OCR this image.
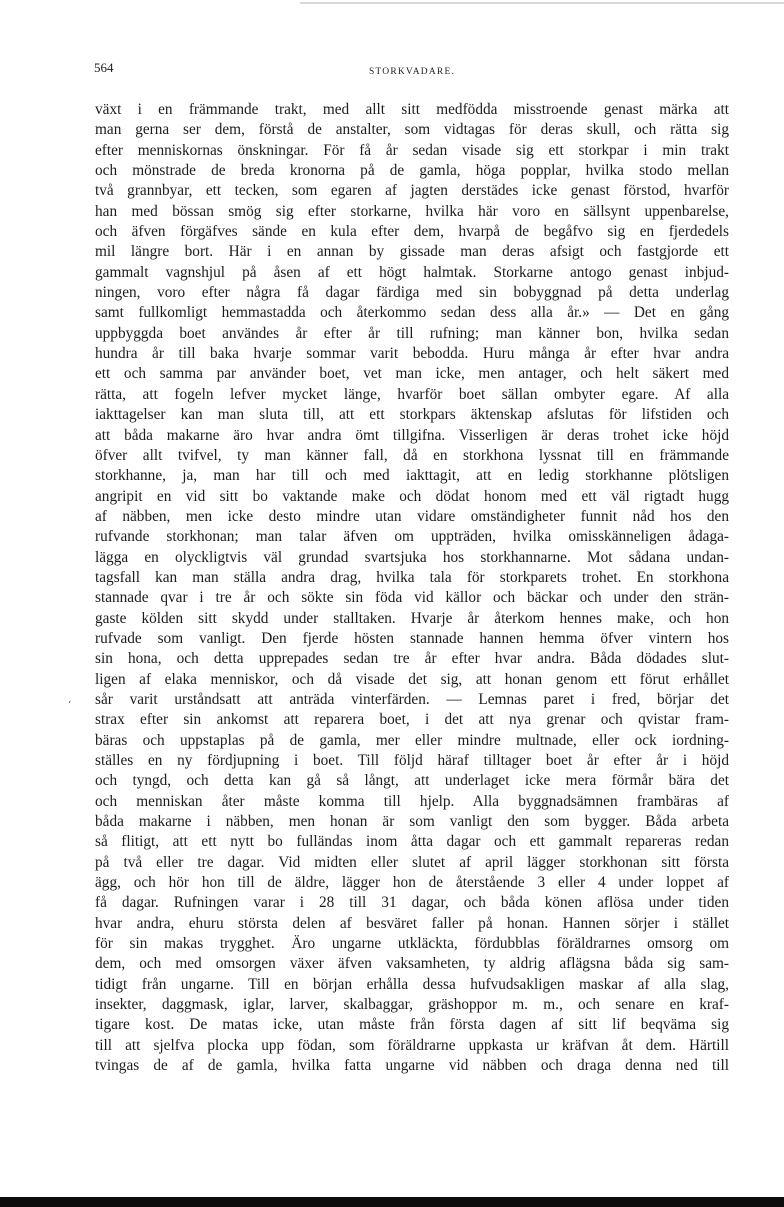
564	STORKVADARE.
ʻ
växt i en främmande trakt, med allt sitt medfödda misstroende genast märka att
man gerna ser dem, förstå de anstalter, som vidtagas för deras skull, och rätta sig
efter menniskornas önskningar. För få år sedan visade sig ett storkpar i min trakt
och mönstrade de breda kronorna på de gamla, höga popplar, hvilka stodo mellan
två grannbyar, ett tecken, som egaren af jagten derstädes icke genast förstod, hvarför
han med bössan smög sig efter storkarne, hvilka här voro en sällsynt uppenbarelse,
och äfven förgäfves sände en kula efter dem, hvarpå de begåfvo sig en fjerdedels
mil längre bort. Här i en annan by gissade man deras afsigt och fastgjorde ett
gammalt vagnshjul på åsen af ett högt halmtak. Storkarne antogo genast inbjud-
ningen, voro efter några få dagar färdiga med sin bobyggnad på detta underlag
samt fullkomligt hemmastadda och återkommo sedan dess alla år.» — Det en gång
uppbyggda boet användes år efter år till rufning; man känner bon, hvilka sedan
hundra år till baka hvarje sommar varit bebodda. Huru många år efter hvar andra
ett och samma par använder boet, vet man icke, men antager, och helt säkert med
rätta, att fogeln lefver mycket länge, hvarför boet sällan ombyter egare. Af alla
iakttagelser kan man sluta till, att ett storkpars äktenskap afslutas för lifstiden och
att båda makarne äro hvar andra ömt tillgifna. Visserligen är deras trohet icke höjd
öfver allt tvifvel, ty man känner fall, då en storkhona lyssnat till en främmande
storkhanne, ja, man har till och med iakttagit, att en ledig storkhanne plötsligen
angripit en vid sitt bo vaktande make och dödat honom med ett väl rigtadt hugg
af näbben, men icke desto mindre utan vidare omständigheter funnit nåd hos den
rufvande storkhonan; man talar äfven om uppträden, hvilka omisskänneligen ådaga-
lägga en olyckligtvis väl grundad svartsjuka hos storkhannarne. Mot sådana undan-
tagsfall kan man ställa andra drag, hvilka tala för storkparets trohet. En storkhona
stannade qvar i tre år och sökte sin föda vid källor och bäckar och under den strän-
gaste kölden sitt skydd under stalltaken. Hvarje år återkom hennes make, och hon
rufvade som vanligt. Den fjerde hösten stannade hannen hemma öfver vintern hos
sin hona, och detta upprepades sedan tre år efter hvar andra. Båda dödades slut-
ligen af elaka menniskor, och då visade det sig, att honan genom ett förut erhållet
sår varit urståndsatt att anträda vinterfärden. — Lemnas paret i fred, börjar det
strax efter sin ankomst att reparera boet, i det att nya grenar och qvistar fram-
bäras och uppstaplas på de gamla, mer eller mindre multnade, eller ock iordning-
ställes en ny fördjupning i boet. Till följd häraf tilltager boet år efter år i höjd
och tyngd, och detta kan gå så långt, att underlaget icke mera förmår bära det
och menniskan åter måste komma till hjelp. Alla byggnadsämnen frambäras af
båda makarne i näbben, men honan är som vanligt den som bygger. Båda arbeta
så flitigt, att ett nytt bo fulländas inom åtta dagar och ett gammalt repareras redan
på två eller tre dagar. Vid midten eller slutet af april lägger storkhonan sitt första
ägg, och hör hon till de äldre, lägger hon de återstående 3 eller 4 under loppet af
få dagar. Rufningen varar i 28 till 31 dagar, och båda könen aflösa under tiden
hvar andra, ehuru största delen af besväret faller på honan. Hannen sörjer i stället
för sin makas trygghet. Äro ungarne utkläckta, fördubblas föräldrarnes omsorg om
dem, och med omsorgen växer äfven vaksamheten, ty aldrig aflägsna båda sig sam-
tidigt från ungarne. Till en början erhålla dessa hufvudsakligen maskar af alla slag,
insekter, daggmask, iglar, larver, skalbaggar, gräshoppor m. m., och senare en kraf-
tigare kost. De matas icke, utan måste från första dagen af sitt lif beqväma sig
till att sjelfva plocka upp födan, som föräldrarne uppkasta ur kräfvan åt dem. Härtill
tvingas de af de gamla, hvilka fatta ungarne vid näbben och draga denna ned till
